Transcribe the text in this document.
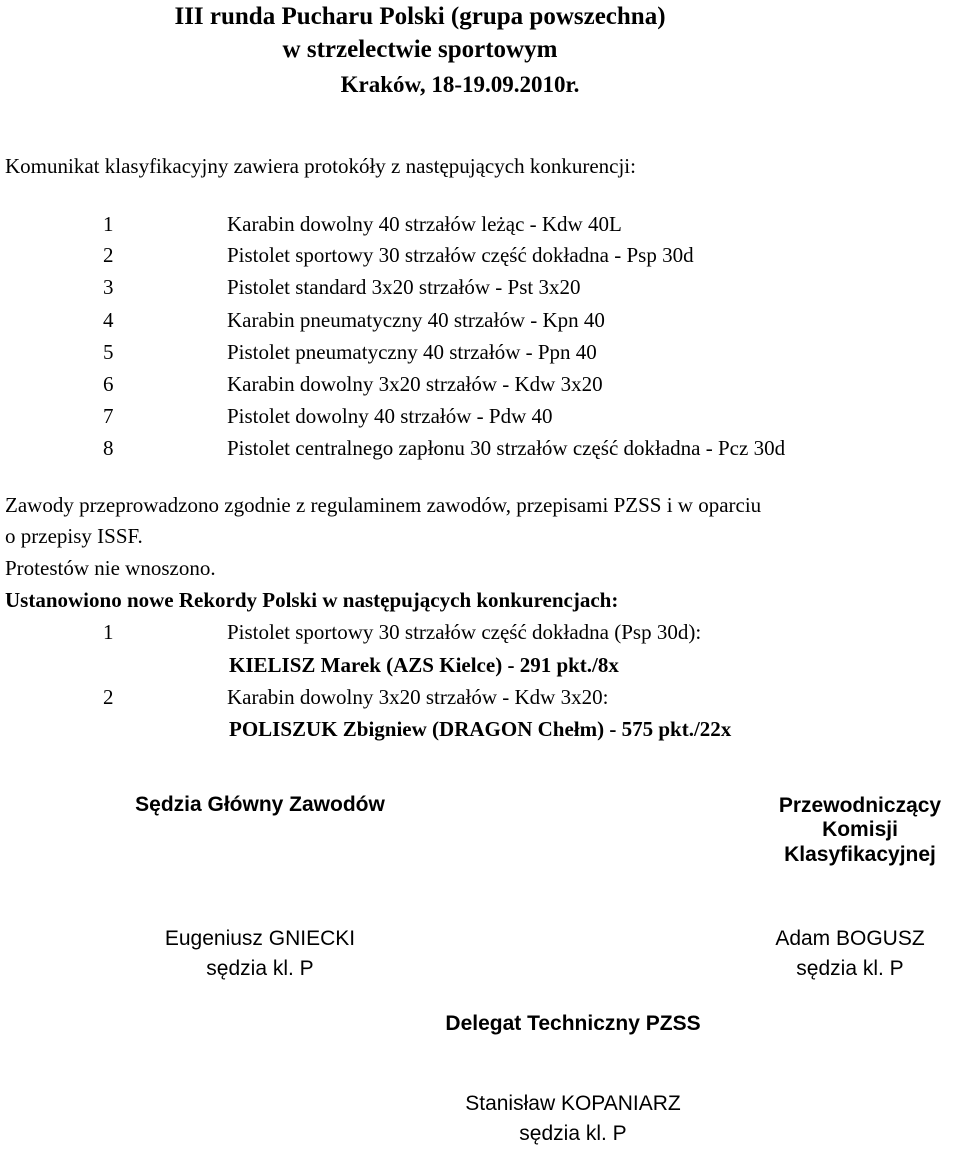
III runda Pucharu Polski (grupa powszechna)
w strzelectwie sportowym
Kraków, 18-19.09.2010r.
Komunikat klasyfikacyjny zawiera protokóły z następujących konkurencji:
1	Karabin dowolny 40 strzałów leżąc - Kdw 40L
2	Pistolet sportowy 30 strzałów część dokładna - Psp 30d
3	Pistolet standard 3x20 strzałów - Pst 3x20
4	Karabin pneumatyczny 40 strzałów - Kpn 40
5	Pistolet pneumatyczny 40 strzałów - Ppn 40
6	Karabin dowolny 3x20 strzałów - Kdw 3x20
7	Pistolet dowolny 40 strzałów - Pdw 40
8	Pistolet centralnego zapłonu 30 strzałów część dokładna - Pcz 30d
Zawody przeprowadzono zgodnie z regulaminem zawodów, przepisami PZSS i w oparciu
o przepisy ISSF.
Protestów nie wnoszono.
Ustanowiono nowe Rekordy Polski w następujących konkurencjach:
1	Pistolet sportowy 30 strzałów część dokładna (Psp 30d):
KIELISZ Marek (AZS Kielce) - 291 pkt./8x
2	Karabin dowolny 3x20 strzałów - Kdw 3x20:
POLISZUK Zbigniew (DRAGON Chełm) - 575 pkt./22x
Sędzia Główny Zawodów	Przewodniczący
Komisji
Klasyfikacyjnej
Eugeniusz GNIECKI
sędzia kl. P
Adam BOGUSZ
sędzia kl. P
Delegat Techniczny PZSS
Stanisław KOPANIARZ
sędzia kl. P
